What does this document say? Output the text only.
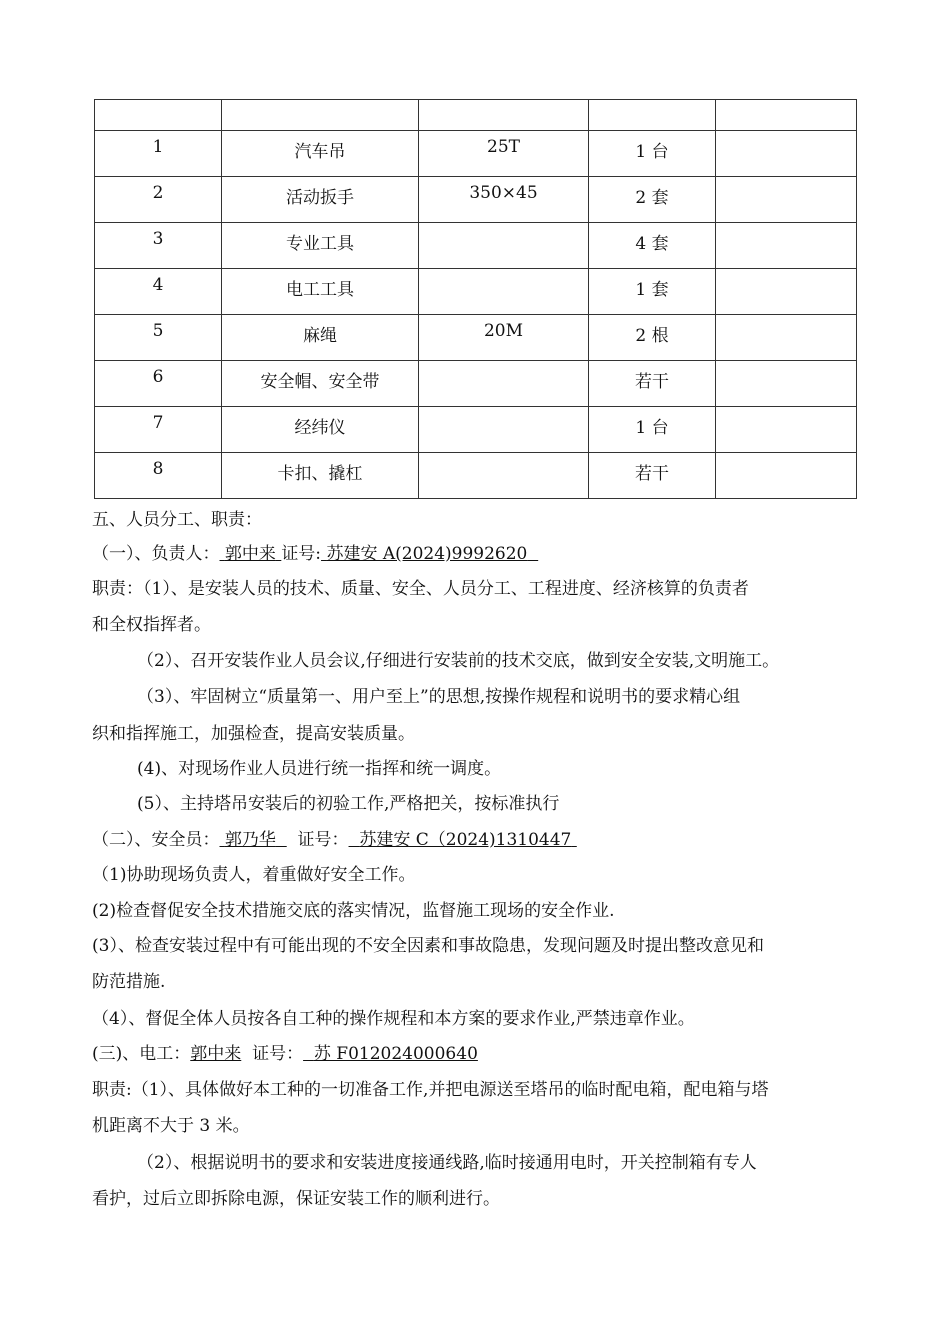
1	汽车吊	25T	1 台	
2	活动扳手	350×45	2 套	
3	专业工具		4 套	
4	电工工具		1 套	
5	麻绳	20M	2 根	
6	安全帽、安全带		若干	
7	经纬仪		1 台	
8	卡扣、撬杠		若干	
五、人员分工、职责：
（一）、负责人： 郭中来 证号: 苏建安 A(2024)9992620
职责：（1）、是安装人员的技术、质量、安全、人员分工、工程进度、经济核算的负责者
和全权指挥者。
（2）、召开安装作业人员会议,仔细进行安装前的技术交底，做到安全安装,文明施工。
（3）、牢固树立“质量第一、用户至上”的思想,按操作规程和说明书的要求精心组
织和指挥施工，加强检查，提高安装质量。
(4)、对现场作业人员进行统一指挥和统一调度。
(5）、主持塔吊安装后的初验工作,严格把关，按标准执行
（二）、安全员： 郭乃华 证号： 苏建安 C（2024)1310447
（1)协助现场负责人，着重做好安全工作。
(2)检查督促安全技术措施交底的落实情况，监督施工现场的安全作业.
(3）、检查安装过程中有可能出现的不安全因素和事故隐患，发现问题及时提出整改意见和
防范措施.
（4）、督促全体人员按各自工种的操作规程和本方案的要求作业,严禁违章作业。
(三)、电工：郭中来 证号： 苏 F012024000640
职责:（1）、具体做好本工种的一切准备工作,并把电源送至塔吊的临时配电箱，配电箱与塔
机距离不大于 3 米。
（2）、根据说明书的要求和安装进度接通线路,临时接通用电时，开关控制箱有专人
看护，过后立即拆除电源，保证安装工作的顺利进行。
